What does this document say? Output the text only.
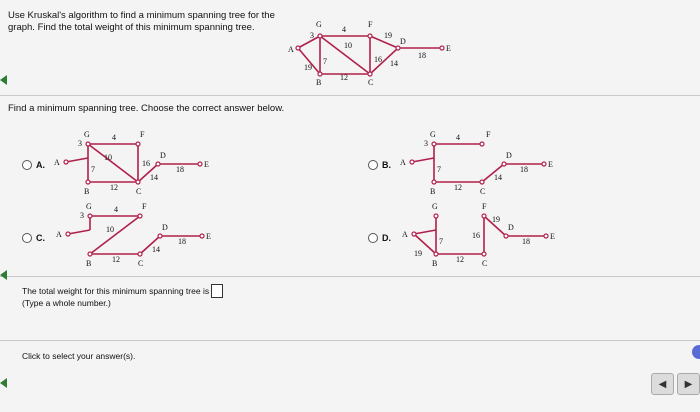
Use Kruskal's algorithm to find a minimum spanning tree for the graph. Find the total weight of this minimum spanning tree.	G	F
A
B	C
D
E
4
3
10
7	16
19
18
14
12
19
Find a minimum spanning tree. Choose the correct answer below.
A.
G	F
A
B	C
D
E
4
3
10
7
16
18
14
12
B.
G	F
A
B	C
D
E
4
3
7	18
14
12
C.
G	F
A
B	C
D
E
4
3
10
18
14
12
D.
G	F
A
B	C
D
E
16
19
7	18
19
12
The total weight for this minimum spanning tree is
(Type a whole number.)
Click to select your answer(s).
◀ ▶
